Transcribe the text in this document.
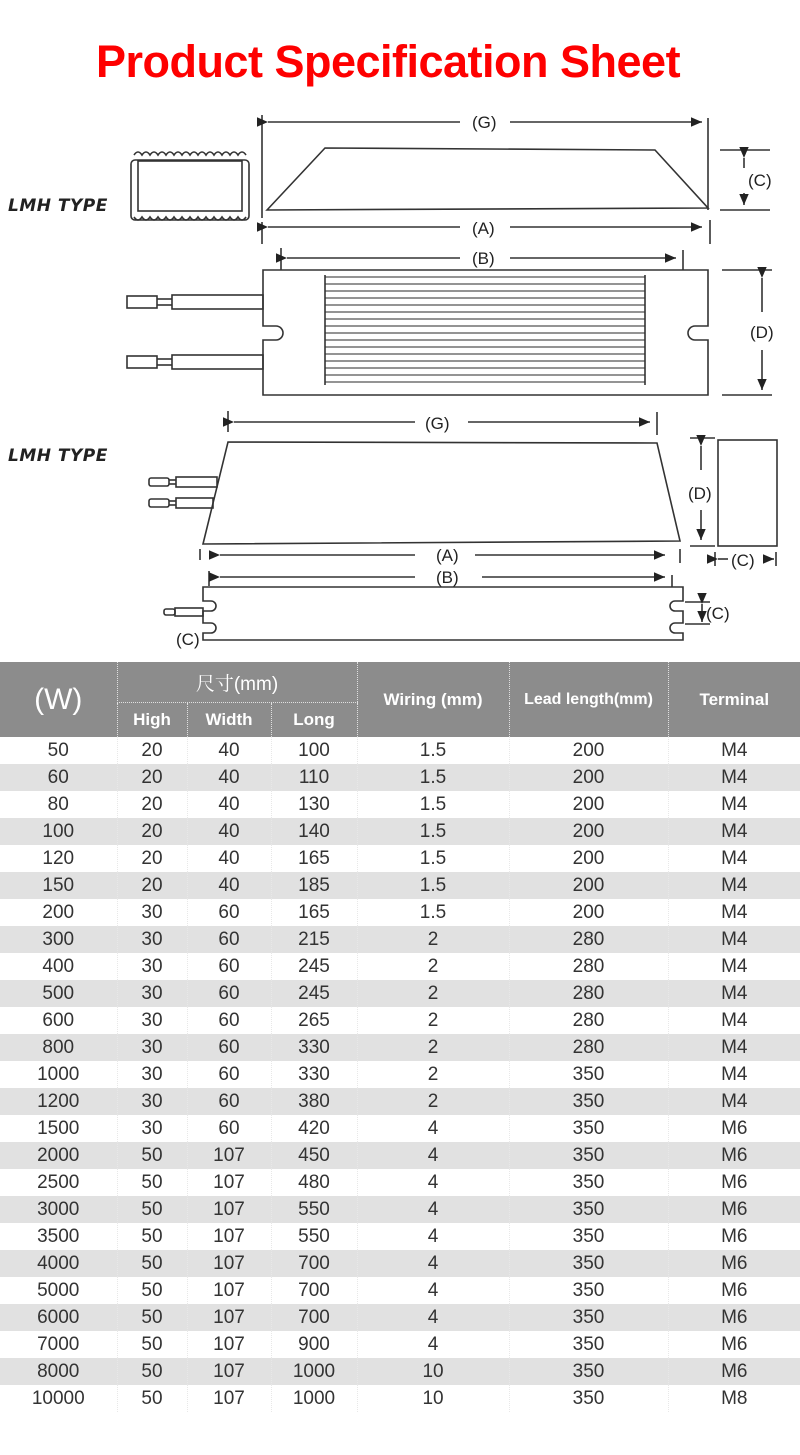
Product Specification Sheet
LMH TYPE
LMH TYPE
(G)
(C)
(A)
(B)
(D)
(G)
(D)
(C)
(A)
(B)
(C)
(C)
(W)	尺寸(mm)			Wiring (mm)	Lead length(mm)	Terminal
	High	Width	Long			
50	20	40	100	1.5	200	M4
60	20	40	110	1.5	200	M4
80	20	40	130	1.5	200	M4
100	20	40	140	1.5	200	M4
120	20	40	165	1.5	200	M4
150	20	40	185	1.5	200	M4
200	30	60	165	1.5	200	M4
300	30	60	215	2	280	M4
400	30	60	245	2	280	M4
500	30	60	245	2	280	M4
600	30	60	265	2	280	M4
800	30	60	330	2	280	M4
1000	30	60	330	2	350	M4
1200	30	60	380	2	350	M4
1500	30	60	420	4	350	M6
2000	50	107	450	4	350	M6
2500	50	107	480	4	350	M6
3000	50	107	550	4	350	M6
3500	50	107	550	4	350	M6
4000	50	107	700	4	350	M6
5000	50	107	700	4	350	M6
6000	50	107	700	4	350	M6
7000	50	107	900	4	350	M6
8000	50	107	1000	10	350	M6
10000	50	107	1000	10	350	M8
